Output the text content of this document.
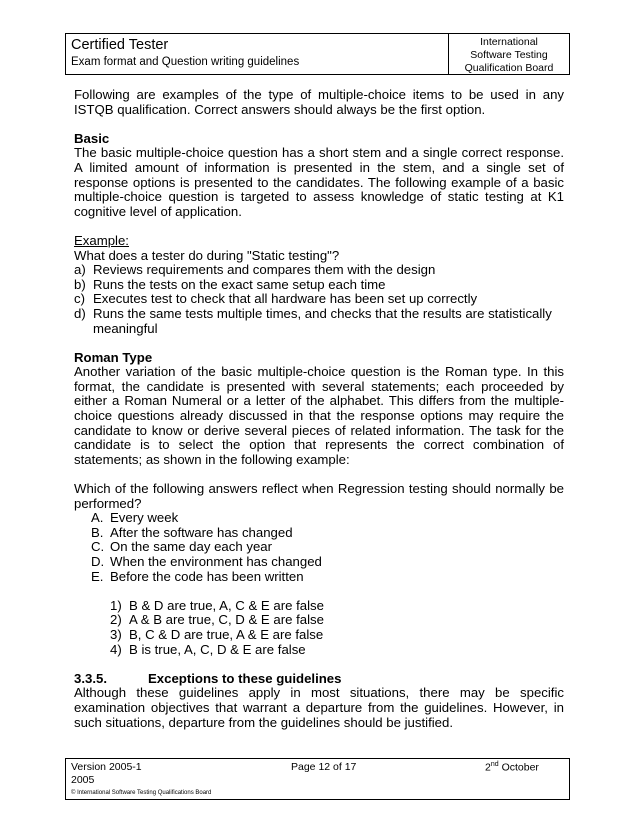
Certified Tester
Exam format and Question writing guidelines
International
Software Testing
Qualification Board

Following are examples of the type of multiple-choice items to be used in any ISTQB qualification. Correct answers should always be the first option.

Basic

The basic multiple-choice question has a short stem and a single correct response. A limited amount of information is presented in the stem, and a single set of response options is presented to the candidates. The following example of a basic multiple-choice question is targeted to assess knowledge of static testing at K1 cognitive level of application.

Example:
What does a tester do during "Static testing"?
a) Reviews requirements and compares them with the design
b) Runs the tests on the exact same setup each time
c) Executes test to check that all hardware has been set up correctly
d) Runs the same tests multiple times, and checks that the results are statistically meaningful
Roman Type

Another variation of the basic multiple-choice question is the Roman type. In this format, the candidate is presented with several statements; each proceeded by either a Roman Numeral or a letter of the alphabet. This differs from the multiple-choice questions already discussed in that the response options may require the candidate to know or derive several pieces of related information. The task for the candidate is to select the option that represents the correct combination of statements; as shown in the following example:

Which of the following answers reflect when Regression testing should normally be performed?

A. Every week
B. After the software has changed
C. On the same day each year
D. When the environment has changed
E. Before the code has been written
1) B & D are true, A, C & E are false
2) A & B are true, C, D & E are false
3) B, C & D are true, A & E are false
4) B is true, A, C, D & E are false
3.3.5.	Exceptions to these guidelines

Although these guidelines apply in most situations, there may be specific examination objectives that warrant a departure from the guidelines. However, in such situations, departure from the guidelines should be justified.

Version 2005-1
2005
Page 12 of 17	2nd October
© International Software Testing Qualifications Board
